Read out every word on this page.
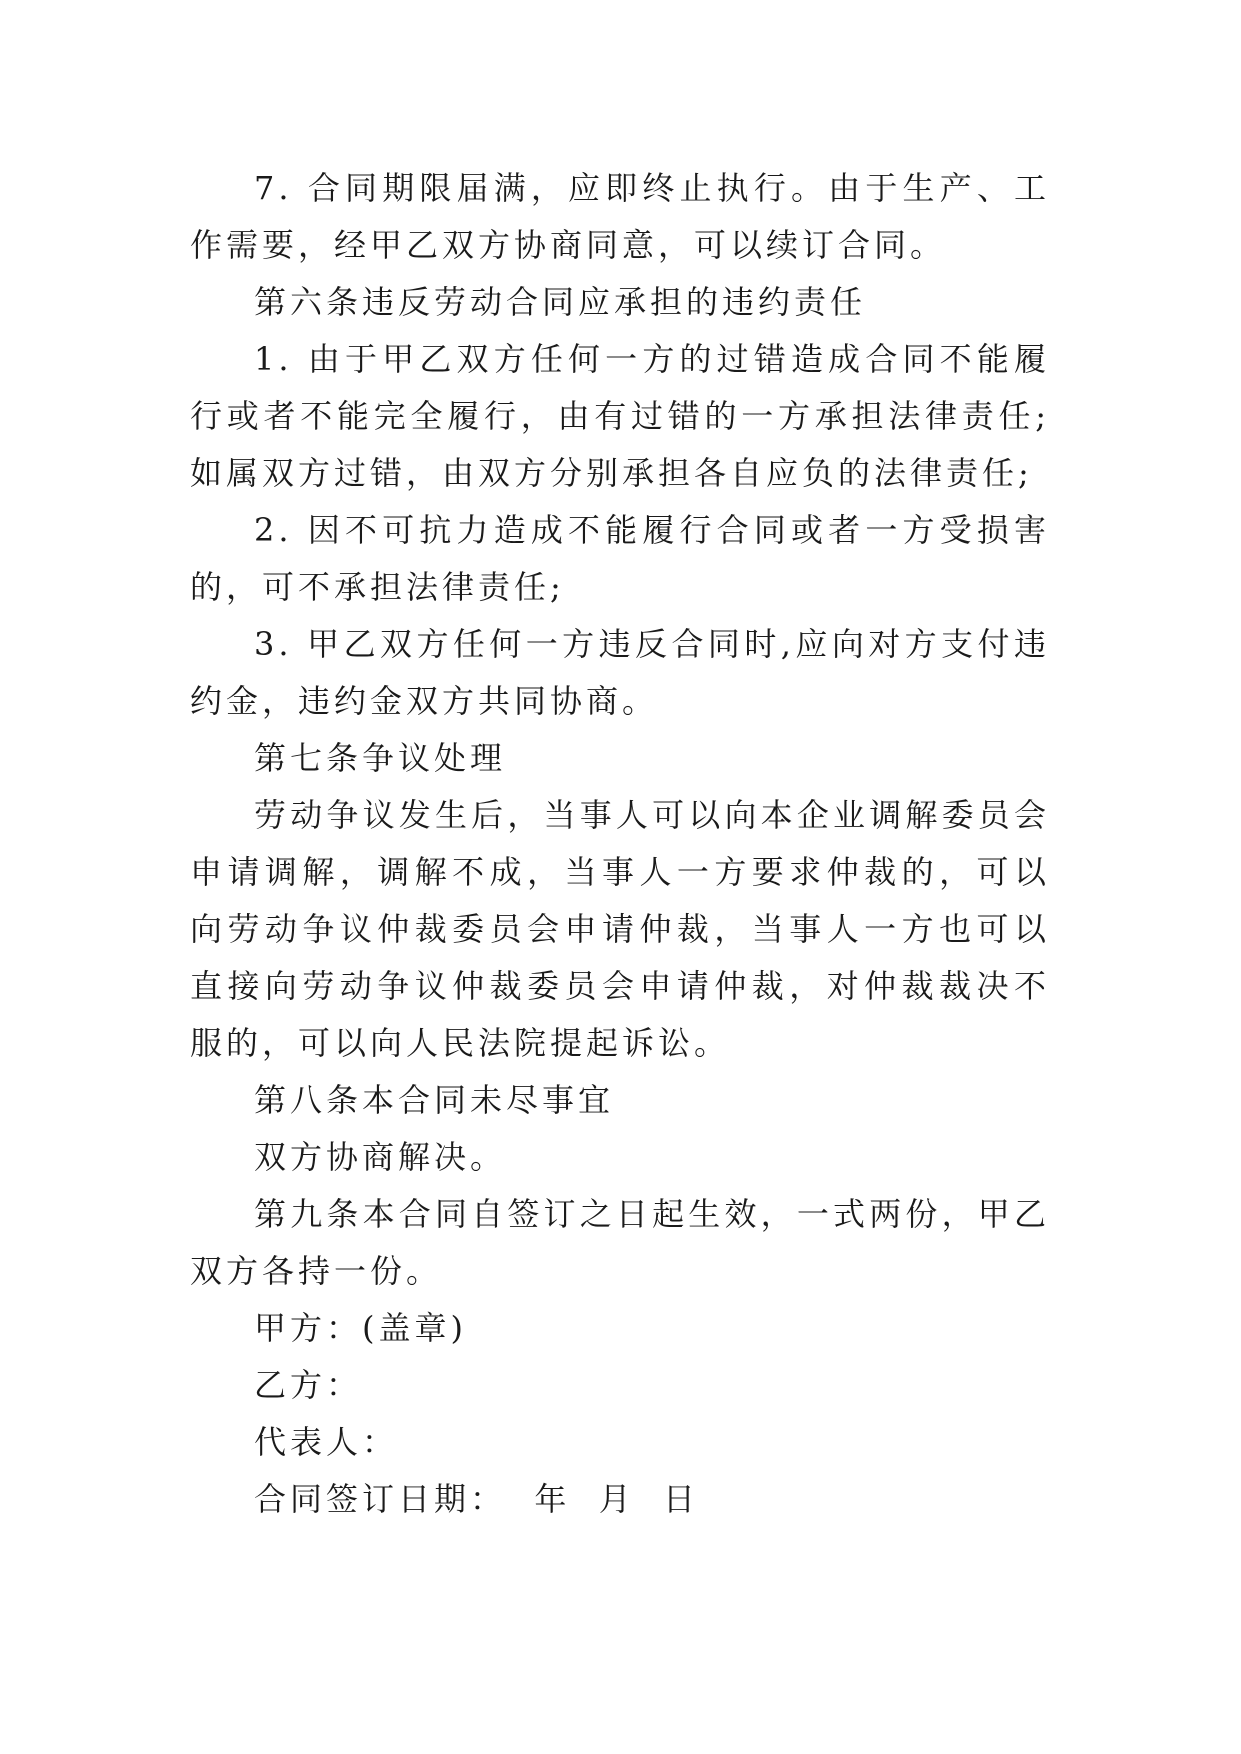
7. 合同期限届满，应即终止执行。由于生产、工作需要，经甲乙双方协商同意，可以续订合同。

第六条违反劳动合同应承担的违约责任

1. 由于甲乙双方任何一方的过错造成合同不能履行或者不能完全履行，由有过错的一方承担法律责任;如属双方过错，由双方分别承担各自应负的法律责任;

2. 因不可抗力造成不能履行合同或者一方受损害的，可不承担法律责任;

3. 甲乙双方任何一方违反合同时,应向对方支付违约金，违约金双方共同协商。

第七条争议处理

劳动争议发生后，当事人可以向本企业调解委员会申请调解，调解不成，当事人一方要求仲裁的，可以向劳动争议仲裁委员会申请仲裁，当事人一方也可以直接向劳动争议仲裁委员会申请仲裁，对仲裁裁决不服的，可以向人民法院提起诉讼。

第八条本合同未尽事宜

双方协商解决。

第九条本合同自签订之日起生效，一式两份，甲乙双方各持一份。

甲方：(盖章)

乙方：

代表人：

合同签订日期：  年  月  日
